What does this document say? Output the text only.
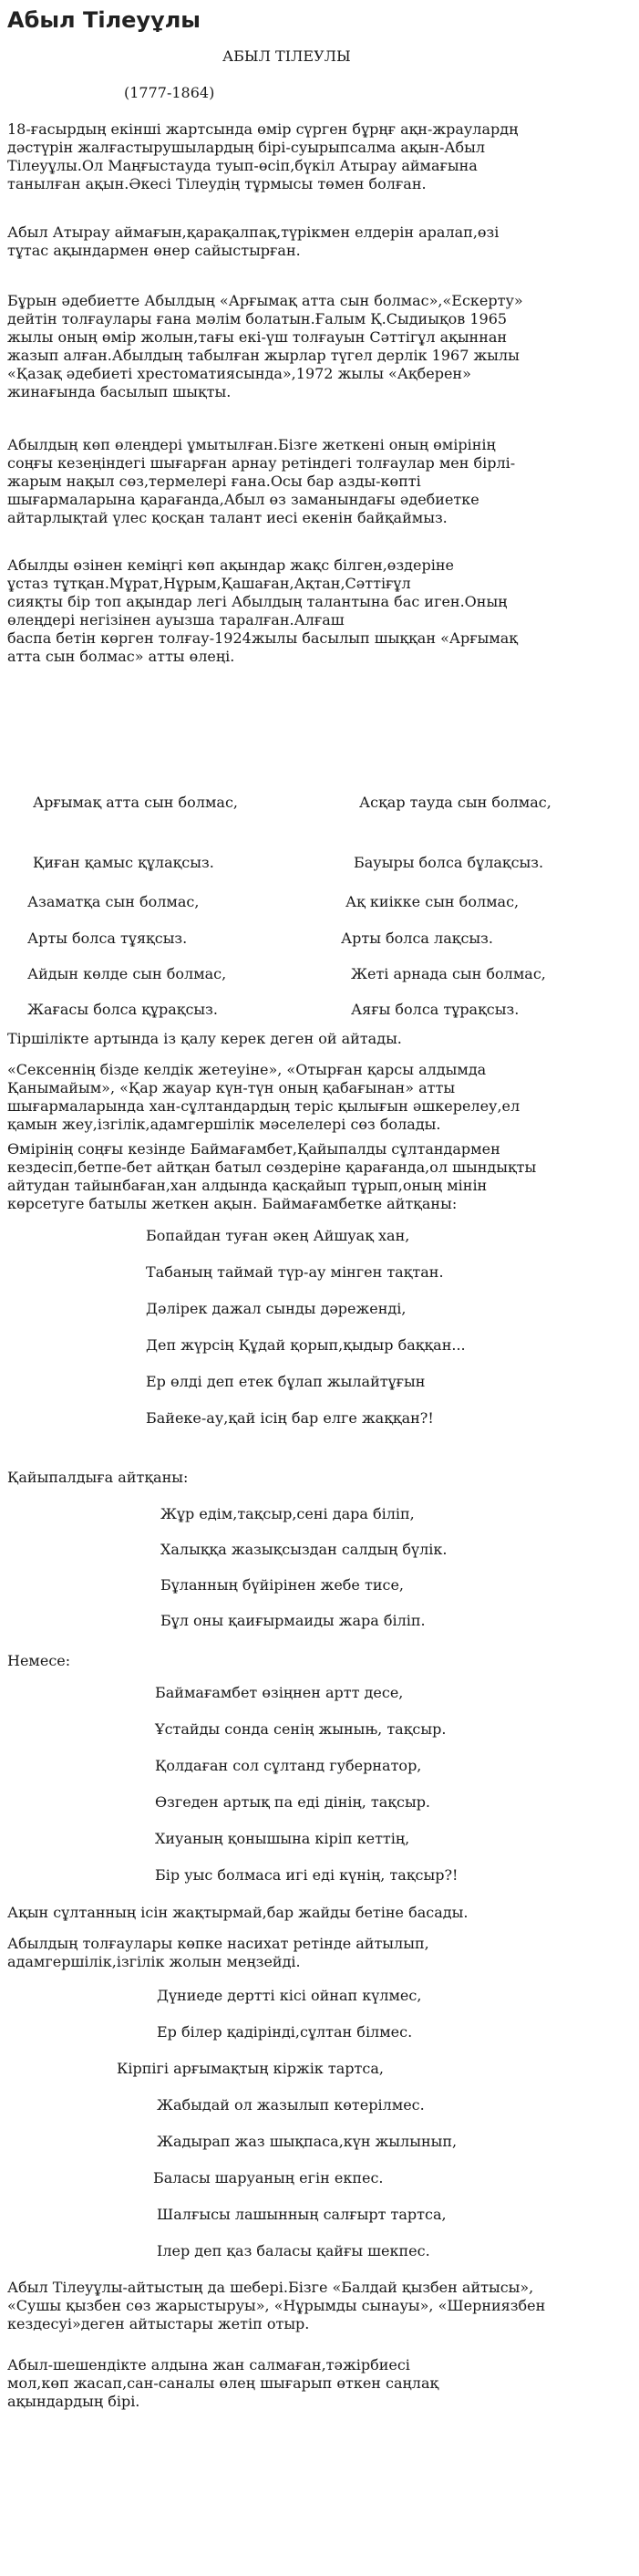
Абыл Тілеуұлы
АБЫЛ ТІЛЕУЛЫ
(1777-1864)
18-ғасырдың екінші жартсында өмір сүрген бұрңғ ақн-жраулардң
дәстүрін жалғастырушылардың бірі-суырыпсалма ақын-Абыл
Тілеуұлы.Ол Маңғыстауда туып-өсіп,бүкіл Атырау аймағына
танылған ақын.Әкесі Тілеудің тұрмысы төмен болған.
Абыл Атырау аймағын,қарақалпақ,түрікмен елдерін аралап,өзі
тұтас ақындармен өнер сайыстырған.
Бұрын әдебиетте Абылдың «Арғымақ атта сын болмас»,«Ескерту»
дейтін толғаулары ғана мәлім болатын.Ғалым Қ.Сыдиықов 1965
жылы оның өмір жолын,тағы екі-үш толғауын Сәттігұл ақыннан
жазып алған.Абылдың табылған жырлар түгел дерлік 1967 жылы
«Қазақ әдебиеті хрестоматиясында»,1972 жылы «Ақберен»
жинағында басылып шықты.
Абылдың көп өлеңдері ұмытылған.Бізге жеткені оның өмірінің
соңғы кезеңіндегі шығарған арнау ретіндегі толғаулар мен бірлі-
жарым нақыл сөз,термелері ғана.Осы бар азды-көпті
шығармаларына қарағанда,Абыл өз заманындағы әдебиетке
айтарлықтай үлес қосқан талант иесі екенін байқаймыз.
Абылды өзінен кеміңгі көп ақындар жақс білген,өздеріне
ұстаз тұтқан.Мұрат,Нұрым,Қашаған,Ақтан,Сәттіғұл
сияқты бір топ ақындар легі Абылдың талантына бас иген.Оның
өлеңдері негізінен ауызша таралған.Алғаш
баспа бетін көрген толғау-1924жылы басылып шыққан «Арғымақ
атта сын болмас» атты өлеңі.
Арғымақ атта сын болмас,
Қиған қамыс құлақсыз.
Азаматқа сын болмас,
Арты болса тұяқсыз.
Айдын көлде сын болмас,
Жағасы болса құрақсыз.
Асқар тауда сын болмас,
Бауыры болса бұлақсыз.
Ақ киікке сын болмас,
Арты болса лақсыз.
Жеті арнада сын болмас,
Аяғы болса тұрақсыз.
Тіршілікте артында із қалу керек деген ой айтады.
«Сексеннің бізде келдік жетеуіне», «Отырған қарсы алдымда
Қанымайым», «Қар жауар күн-түн оның қабағынан» атты
шығармаларында хан-сұлтандардың теріс қылығын әшкерелеу,ел
қамын жеу,ізгілік,адамгершілік мәселелері сөз болады.
Өмірінің соңғы кезінде Баймағамбет,Қайыпалды сұлтандармен
кездесіп,бетпе-бет айтқан батыл сөздеріне қарағанда,ол шындықты
айтудан тайынбаған,хан алдында қасқайып тұрып,оның мінін
көрсетуге батылы жеткен ақын. Баймағамбетке айтқаны:
Бопайдан туған әкең Айшуақ хан,
Табаның таймай түр-ау мінген тақтан.
Дәлірек дажал сынды дәреженді,
Деп жүрсің Құдай қорып,қыдыр баққан...
Ер өлді деп етек бұлап жылайтұғын
Байеке-ау,қай ісің бар елге жаққан?!
Қайыпалдыға айтқаны:
Жұр едім,тақсыр,сені дара біліп,
Халыққа жазықсыздан салдың бүлік.
Бұланның бүйірінен жебе тисе,
Бұл оны қаиғырмаиды жара біліп.
Немесе:
Баймағамбет өзіңнен артт десе,
Ұстайды сонда сенің жыныњ, тақсыр.
Қолдаған сол сұлтанд губернатор,
Өзгеден артық па еді дінің, тақсыр.
Хиуаның қонышына кіріп кеттің,
Бір уыс болмаса игі еді күнің, тақсыр?!
Ақын сұлтанның ісін жақтырмай,бар жайды бетіне басады.
Абылдың толғаулары көпке насихат ретінде айтылып,
адамгершілік,ізгілік жолын меңзейді.
Дүниеде дертті кісі ойнап күлмес,
Ер білер қадірінді,сұлтан білмес.
Кірпігі арғымақтың кіржік тартса,
Жабыдай ол жазылып көтерілмес.
Жадырап жаз шықпаса,күн жылынып,
Баласы шаруаның егін екпес.
Шалғысы лашынның салғырт тартса,
Ілер деп қаз баласы қайғы шекпес.
Абыл Тілеуұлы-айтыстың да шебері.Бізге «Балдай қызбен айтысы»,
«Сушы қызбен сөз жарыстыруы», «Нұрымды сынауы», «Шерниязбен
кездесуі»деген айтыстары жетіп отыр.
Абыл-шешендікте алдына жан салмаған,тәжірбиесі
мол,көп жасап,сан-саналы өлең шығарып өткен саңлақ
ақындардың бірі.
